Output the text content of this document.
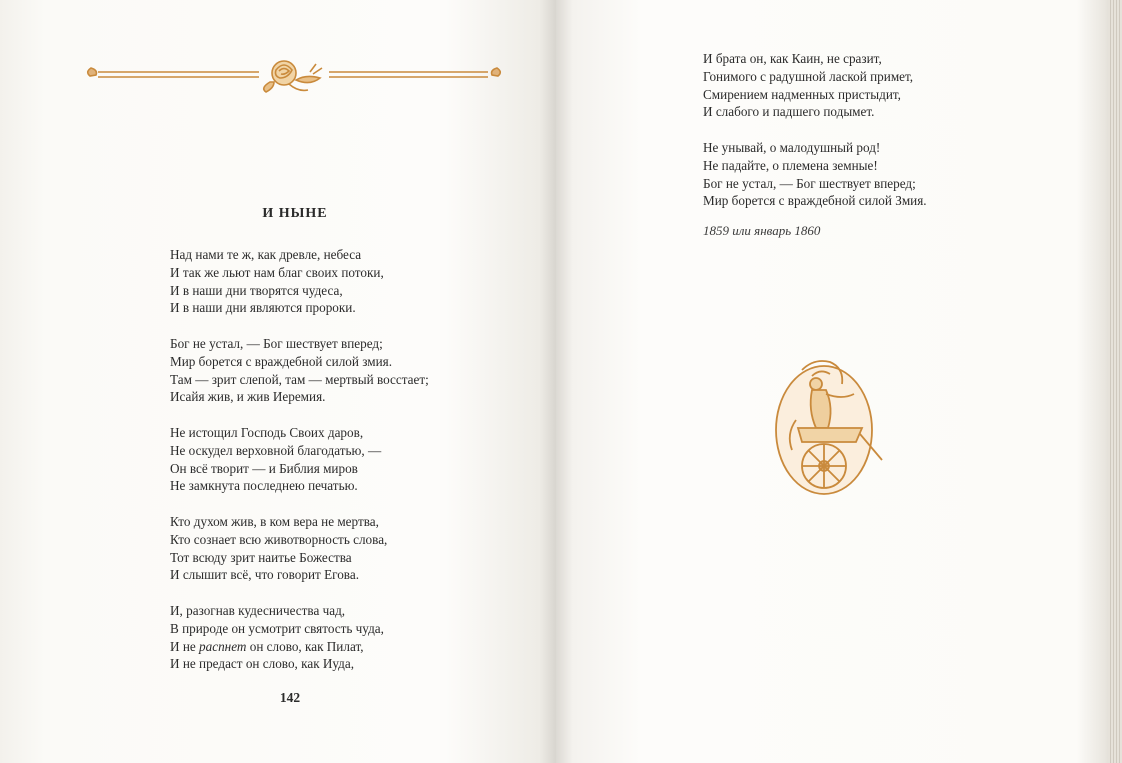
И НЫНЕ
Над нами те ж, как древле, небеса
И так же льют нам благ своих потоки,
И в наши дни творятся чудеса,
И в наши дни являются пророки.
Бог не устал, — Бог шествует вперед;
Мир борется с враждебной силой змия.
Там — зрит слепой, там — мертвый восстает;
Исайя жив, и жив Иеремия.
Не истощил Господь Своих даров,
Не оскудел верховной благодатью, —
Он всё творит — и Библия миров
Не замкнута последнею печатью.
Кто духом жив, в ком вера не мертва,
Кто сознает всю животворность слова,
Тот всюду зрит наитье Божества
И слышит всё, что говорит Егова.
И, разогнав кудесничества чад,
В природе он усмотрит святость чуда,
И не распнет он слово, как Пилат,
И не предаст он слово, как Иуда,
142
И брата он, как Каин, не сразит,
Гонимого с радушной лаской примет,
Смирением надменных пристыдит,
И слабого и падшего подымет.
Не унывай, о малодушный род!
Не падайте, о племена земные!
Бог не устал, — Бог шествует вперед;
Мир борется с враждебной силой Змия.
1859 или январь 1860
